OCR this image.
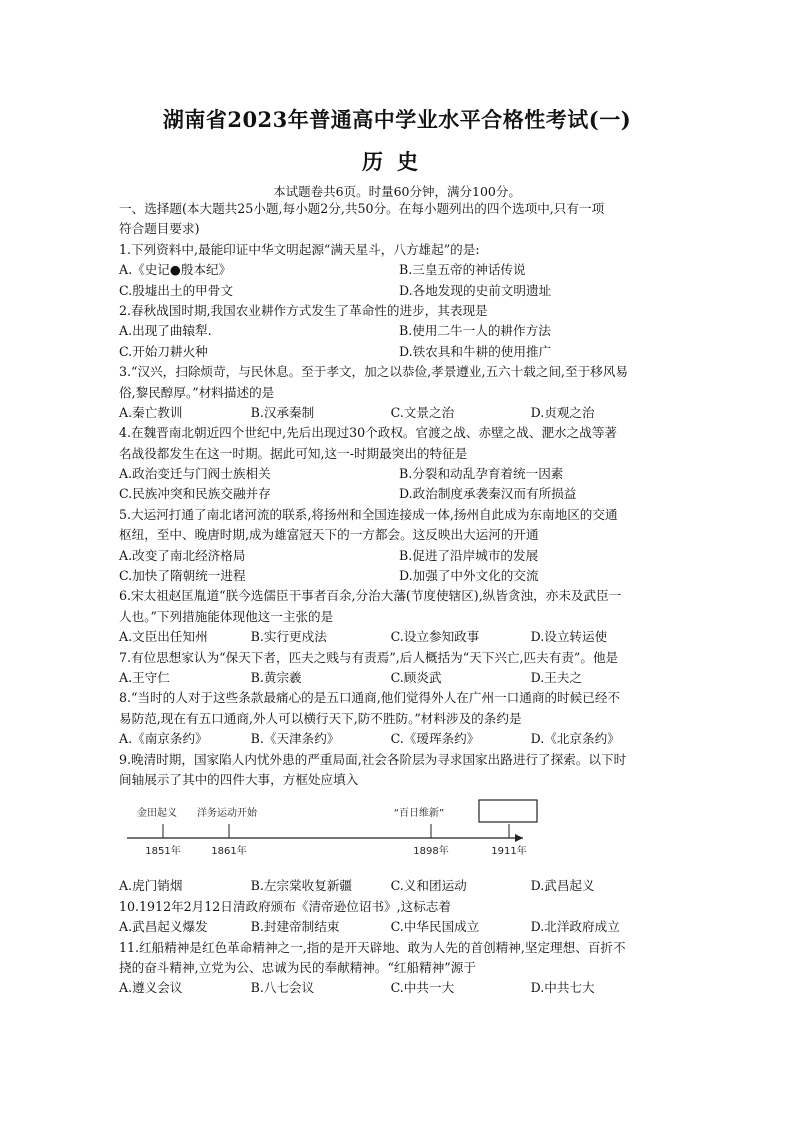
湖南省2023年普通高中学业水平合格性考试(一)
历史
本试题卷共6页。时量60分钟，满分100分。
一、选择题(本大题共25小题,每小题2分,共50分。在每小题列出的四个选项中,只有一项
符合题目要求)
1.下列资料中,最能印证中华文明起源“满天星斗，八方雄起”的是:
A.《史记●殷本纪》	B.三皇五帝的神话传说
C.殷墟出土的甲骨文	D.各地发现的史前文明遗址
2.春秋战国时期,我国农业耕作方式发生了革命性的进步，其表现是
A.出现了曲辕犁.	B.使用二牛一人的耕作方法
C.开始刀耕火种	D.铁农具和牛耕的使用推广
3.“汉兴，扫除烦苛，与民休息。至于孝文，加之以恭俭,孝景遵业,五六十载之间,至于移风易
俗,黎民醇厚。”材料描述的是
A.秦亡教训	B.汉承秦制	C.文景之治	D.贞观之治
4.在魏晋南北朝近四个世纪中,先后出现过30个政权。官渡之战、赤壁之战、淝水之战等著
名战役都发生在这一时期。据此可知,这一-时期最突出的特征是
A.政治变迁与门阀士族相关	B.分裂和动乱孕育着统一因素
C.民族冲突和民族交融并存	D.政治制度承袭秦汉而有所损益
5.大运河打通了南北诸河流的联系,将扬州和全国连接成一体,扬州自此成为东南地区的交通
枢纽，至中、晚唐时期,成为雄富冠天下的一方都会。这反映出大运河的开通
A.改变了南北经济格局	B.促进了沿岸城市的发展
C.加快了隋朝统一进程	D.加强了中外文化的交流
6.宋太祖赵匡胤道“朕今选儒臣干事者百余,分治大藩(节度使辖区),纵皆贪浊，亦未及武臣一
人也。”下列措施能体现他这一主张的是
A.文臣出任知州	B.实行更戍法	C.设立参知政事	D.设立转运使
7.有位思想家认为“保天下者，匹夫之贱与有责焉”,后人概括为“天下兴亡,匹夫有责”。他是
A.王守仁	B.黄宗羲	C.顾炎武	D.王夫之
8.“当时的人对于这些条款最痛心的是五口通商,他们觉得外人在广州一口通商的时候已经不
易防范,现在有五口通商,外人可以横行天下,防不胜防。”材料涉及的条约是
A.《南京条约》	B.《天津条约》	C.《瑷珲条约》	D.《北京条约》
9.晚清时期，国家陷人内忧外患的严重局面,社会各阶层为寻求国家出路进行了探索。以下时
间轴展示了其中的四件大事，方框处应填入
1851年	1861年	1898年	1911年
金田起义 洋务运动开始	“百日维新”
A.虎门销烟	B.左宗棠收复新疆	C.义和团运动	D.武昌起义
10.1912年2月12日清政府颁布《清帝逊位诏书》,这标志着
A.武昌起义爆发	B.封建帝制结束	C.中华民国成立	D.北洋政府成立
11.红船精神是红色革命精神之一,指的是开天辟地、敢为人先的首创精神,坚定理想、百折不
挠的奋斗精神,立党为公、忠诚为民的奉献精神。“红船精神”源于
A.遵义会议	B.八七会议	C.中共一大	D.中共七大
